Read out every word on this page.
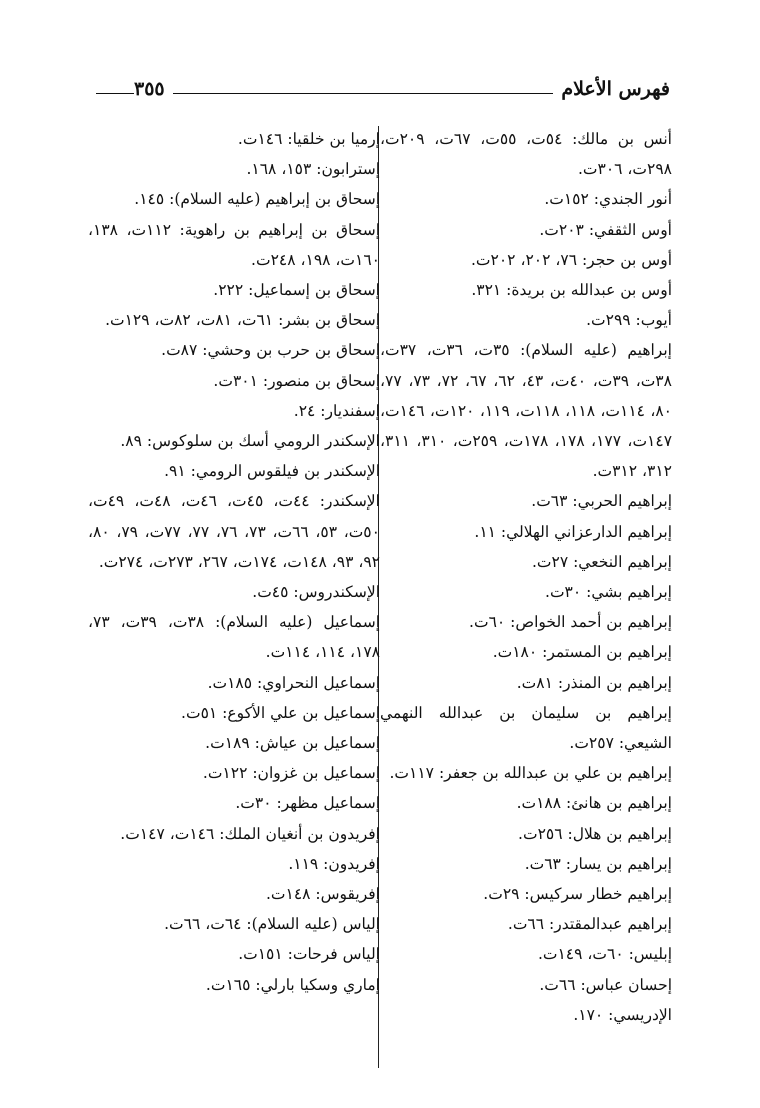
فهرس الأعلام
٣٥٥
أنس بن مالك: ٥٤ت، ٥٥ت، ٦٧ت، ٢٠٩ت، ٢٩٨ت، ٣٠٦ت.
أنور الجندي: ١٥٢ت.
أوس الثقفي: ٢٠٣ت.
أوس بن حجر: ٧٦، ٢٠٢، ٢٠٢ت.
أوس بن عبدالله بن بريدة: ٣٢١.
أيوب: ٢٩٩ت.
إبراهيم (عليه السلام): ٣٥ت، ٣٦ت، ٣٧ت، ٣٨ت، ٣٩ت، ٤٠ت، ٤٣، ٦٢، ٦٧، ٧٢، ٧٣، ٧٧، ٨٠، ١١٤ت، ١١٨، ١١٨ت، ١١٩، ١٢٠ت، ١٤٦ت، ١٤٧ت، ١٧٧، ١٧٨، ١٧٨ت، ٢٥٩ت، ٣١٠، ٣١١، ٣١٢، ٣١٢ت.
إبراهيم الحربي: ٦٣ت.
إبراهيم الدارعزاني الهلالي: ١١.
إبراهيم النخعي: ٢٧ت.
إبراهيم بشي: ٣٠ت.
إبراهيم بن أحمد الخواص: ٦٠ت.
إبراهيم بن المستمر: ١٨٠ت.
إبراهيم بن المنذر: ٨١ت.
إبراهيم بن سليمان بن عبدالله النهمي الشيعي: ٢٥٧ت.
إبراهيم بن علي بن عبدالله بن جعفر: ١١٧ت.
إبراهيم بن هانئ: ١٨٨ت.
إبراهيم بن هلال: ٢٥٦ت.
إبراهيم بن يسار: ٦٣ت.
إبراهيم خطار سركيس: ٢٩ت.
إبراهيم عبدالمقتدر: ٦٦ت.
إبليس: ٦٠ت، ١٤٩ت.
إحسان عباس: ٦٦ت.
الإدريسي: ١٧٠.
إرميا بن خلقيا: ١٤٦ت.
إسترابون: ١٥٣، ١٦٨.
إسحاق بن إبراهيم (عليه السلام): ١٤٥.
إسحاق بن إبراهيم بن راهوية: ١١٢ت، ١٣٨، ١٦٠ت، ١٩٨، ٢٤٨ت.
إسحاق بن إسماعيل: ٢٢٢.
إسحاق بن بشر: ٦١ت، ٨١ت، ٨٢ت، ١٢٩ت.
إسحاق بن حرب بن وحشي: ٨٧ت.
إسحاق بن منصور: ٣٠١ت.
إسفنديار: ٢٤.
الإسكندر الرومي أسك بن سلوكوس: ٨٩.
الإسكندر بن فيلقوس الرومي: ٩١.
الإسكندر: ٤٤ت، ٤٥ت، ٤٦ت، ٤٨ت، ٤٩ت، ٥٠ت، ٥٣، ٦٦ت، ٧٣، ٧٦، ٧٧، ٧٧ت، ٧٩، ٨٠، ٩٢، ٩٣، ١٤٨ت، ١٧٤ت، ٢٦٧، ٢٧٣ت، ٢٧٤ت.
الإسكندروس: ٤٥ت.
إسماعيل (عليه السلام): ٣٨ت، ٣٩ت، ٧٣، ١٧٨، ١١٤، ١١٤ت.
إسماعيل النحراوي: ١٨٥ت.
إسماعيل بن علي الأكوع: ٥١ت.
إسماعيل بن عياش: ١٨٩ت.
إسماعيل بن غزوان: ١٢٢ت.
إسماعيل مظهر: ٣٠ت.
إفريدون بن أنغيان الملك: ١٤٦ت، ١٤٧ت.
إفريدون: ١١٩.
إفريقوس: ١٤٨ت.
إلياس (عليه السلام): ٦٤ت، ٦٦ت.
إلياس فرحات: ١٥١ت.
إماري وسكيا بارلي: ١٦٥ت.
